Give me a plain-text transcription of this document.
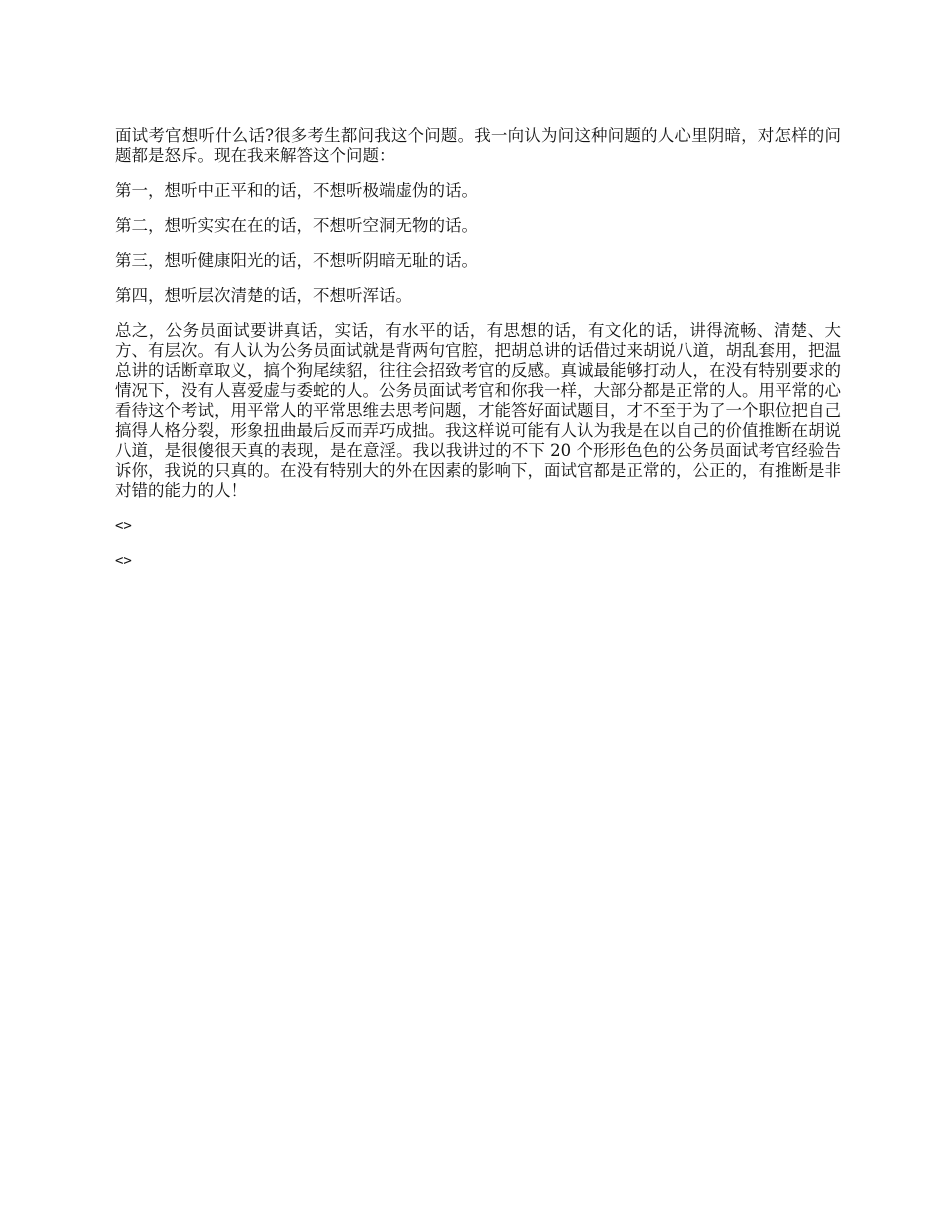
面试考官想听什么话?很多考生都问我这个问题。我一向认为问这种问题的人心里阴暗，对怎样的问题都是怒斥。现在我来解答这个问题：

第一，想听中正平和的话，不想听极端虚伪的话。

第二，想听实实在在的话，不想听空洞无物的话。

第三，想听健康阳光的话，不想听阴暗无耻的话。

第四，想听层次清楚的话，不想听浑话。

总之，公务员面试要讲真话，实话，有水平的话，有思想的话，有文化的话，讲得流畅、清楚、大方、有层次。有人认为公务员面试就是背两句官腔，把胡总讲的话借过来胡说八道，胡乱套用，把温总讲的话断章取义，搞个狗尾续貂，往往会招致考官的反感。真诚最能够打动人，在没有特别要求的情况下，没有人喜爱虚与委蛇的人。公务员面试考官和你我一样，大部分都是正常的人。用平常的心看待这个考试，用平常人的平常思维去思考问题，才能答好面试题目，才不至于为了一个职位把自己搞得人格分裂，形象扭曲最后反而弄巧成拙。我这样说可能有人认为我是在以自己的价值推断在胡说八道，是很傻很天真的表现，是在意淫。我以我讲过的不下 20 个形形色色的公务员面试考官经验告诉你，我说的只真的。在没有特别大的外在因素的影响下，面试官都是正常的，公正的，有推断是非对错的能力的人！

<>

<>
